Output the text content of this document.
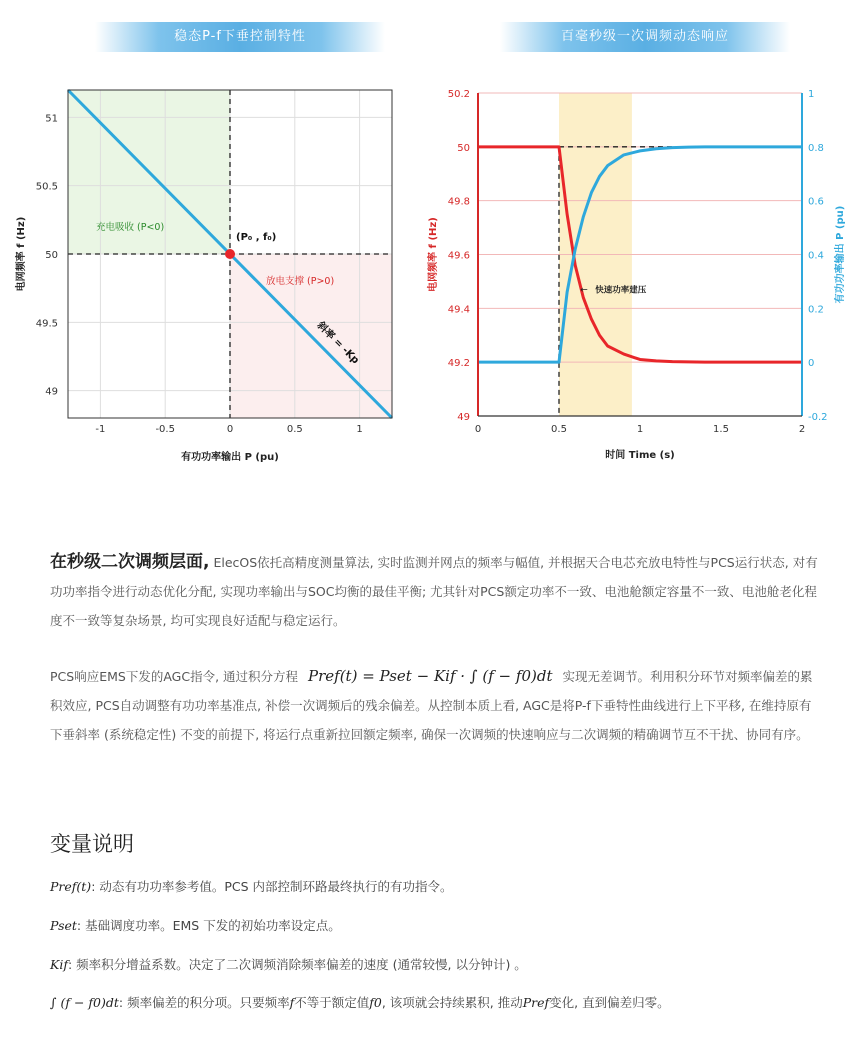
稳态P-f下垂控制特性	百毫秒级一次调频动态响应
-1	-0.5	0	0.5	1
49
49.5
50
50.5
51
充电吸收 (P<0)
放电支撑 (P>0)
(P₀ , f₀)
斜率 = -Kp
有功功率输出 P (pu)
电网频率 f (Hz)
49
49.2
49.4
49.6
49.8
50
50.2
-0.2
0
0.2
0.4
0.6
0.8
1
0	0.5	1	1.5	2
← 快速功率建压
时间 Time (s)
电网频率 f (Hz)	有功功率输出 P (pu)

在秒级二次调频层面, ElecOS依托高精度测量算法, 实时监测并网点的频率与幅值, 并根据天合电芯充放电特性与PCS运行状态, 对有功功率指令进行动态优化分配, 实现功率输出与SOC均衡的最佳平衡; 尤其针对PCS额定功率不一致、电池舱额定容量不一致、电池舱老化程度不一致等复杂场景, 均可实现良好适配与稳定运行。

PCS响应EMS下发的AGC指令, 通过积分方程 Pref(t) = Pset − Kif · ∫ (f − f0)dt 实现无差调节。利用积分环节对频率偏差的累积效应, PCS自动调整有功功率基准点, 补偿一次调频后的残余偏差。从控制本质上看, AGC是将P-f下垂特性曲线进行上下平移, 在维持原有下垂斜率 (系统稳定性) 不变的前提下, 将运行点重新拉回额定频率, 确保一次调频的快速响应与二次调频的精确调节互不干扰、协同有序。

变量说明

Pref(t): 动态有功功率参考值。PCS 内部控制环路最终执行的有功指令。

Pset: 基础调度功率。EMS 下发的初始功率设定点。

Kif: 频率积分增益系数。决定了二次调频消除频率偏差的速度 (通常较慢, 以分钟计) 。

∫ (f − f0)dt: 频率偏差的积分项。只要频率f不等于额定值f0, 该项就会持续累积, 推动Pref变化, 直到偏差归零。
